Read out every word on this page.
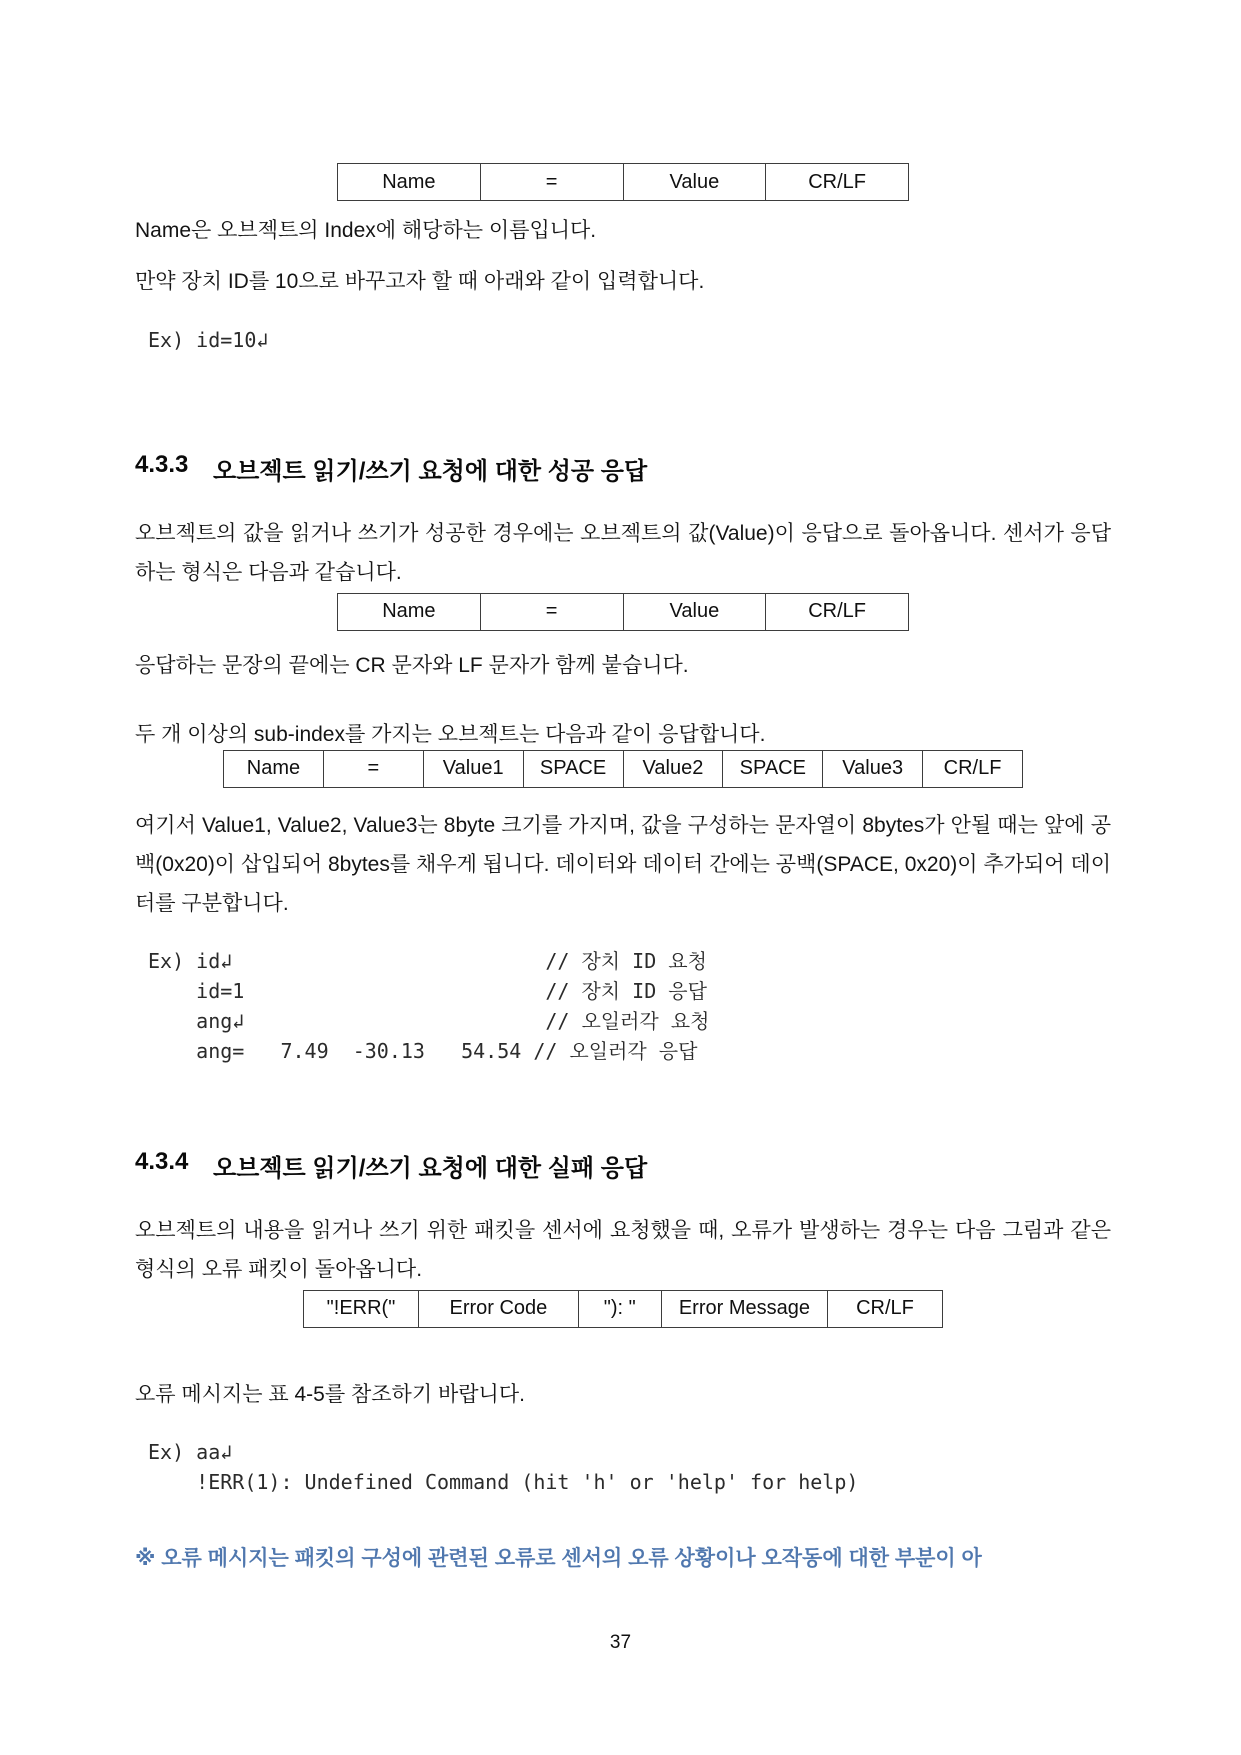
Name	=	Value	CR/LF

Name은 오브젝트의 Index에 해당하는 이름입니다.

만약 장치 ID를 10으로 바꾸고자 할 때 아래와 같이 입력합니다.

Ex) id=10↲
4.3.3	오브젝트 읽기/쓰기 요청에 대한 성공 응답

오브젝트의 값을 읽거나 쓰기가 성공한 경우에는 오브젝트의 값(Value)이 응답으로 돌아옵니다. 센서가 응답하는 형식은 다음과 같습니다.

Name	=	Value	CR/LF

응답하는 문장의 끝에는 CR 문자와 LF 문자가 함께 붙습니다.

두 개 이상의 sub-index를 가지는 오브젝트는 다음과 같이 응답합니다.

Name	=	Value1	SPACE	Value2	SPACE	Value3	CR/LF

여기서 Value1, Value2, Value3는 8byte 크기를 가지며, 값을 구성하는 문자열이 8bytes가 안될 때는 앞에 공백(0x20)이 삽입되어 8bytes를 채우게 됩니다. 데이터와 데이터 간에는 공백(SPACE, 0x20)이 추가되어 데이터를 구분합니다.

Ex) id↲                          // 장치 ID 요청
id=1                         // 장치 ID 응답
ang↲                         // 오일러각 요청
ang=   7.49  -30.13   54.54 // 오일러각 응답
4.3.4	오브젝트 읽기/쓰기 요청에 대한 실패 응답

오브젝트의 내용을 읽거나 쓰기 위한 패킷을 센서에 요청했을 때, 오류가 발생하는 경우는 다음 그림과 같은 형식의 오류 패킷이 돌아옵니다.

"!ERR("	Error Code	"): "	Error Message	CR/LF

오류 메시지는 표 4-5를 참조하기 바랍니다.

Ex) aa↲
!ERR(1): Undefined Command (hit 'h' or 'help' for help)

※ 오류 메시지는 패킷의 구성에 관련된 오류로 센서의 오류 상황이나 오작동에 대한 부분이 아

37
